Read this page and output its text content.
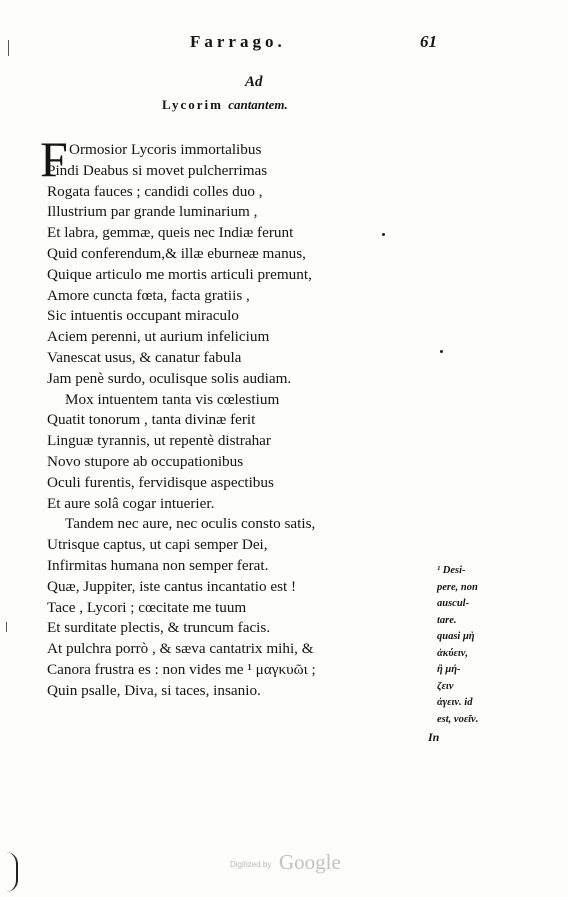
Farrago.	61
Ad
Lycorim cantantem.
F Ormosior Lycoris immortalibus
Pindi Deabus si movet pulcherrimas
Rogata fauces ; candidi colles duo ,
Illustrium par grande luminarium ,
Et labra, gemmæ, queis nec Indiæ ferunt
Quid conferendum,& illæ eburneæ manus,
Quique articulo me mortis articuli premunt,
Amore cuncta fœta, facta gratiis ,
Sic intuentis occupant miraculo
Aciem perenni, ut aurium infelicium
Vanescat usus, & canatur fabula
Jam penè surdo, oculisque solis audiam.
Mox intuentem tanta vis cœlestium
Quatit tonorum , tanta divinæ ferit
Linguæ tyrannis, ut repentè distrahar
Novo stupore ab occupationibus
Oculi furentis, fervidisque aspectibus
Et aure solâ cogar intuerier.
Tandem nec aure, nec oculis consto satis,
Utrisque captus, ut capi semper Dei,
Infirmitas humana non semper ferat.
Quæ, Juppiter, iste cantus incantatio est !
Tace , Lycori ; cœcitate me tuum
Et surditate plectis, & truncum facis.
At pulchra porrò , & sæva cantatrix mihi, &
Canora frustra es : non vides me ¹ μαγκυῶι ;
Quin psalle, Diva, si taces, insanio.
¹ Desi-
pere, non
auscul-
tare.
quasi μὴ
ἀκύειν,
ἢ μή-
ζειν
ἀγειν. id
est, νοεῖν.
In
Digitized by Google
